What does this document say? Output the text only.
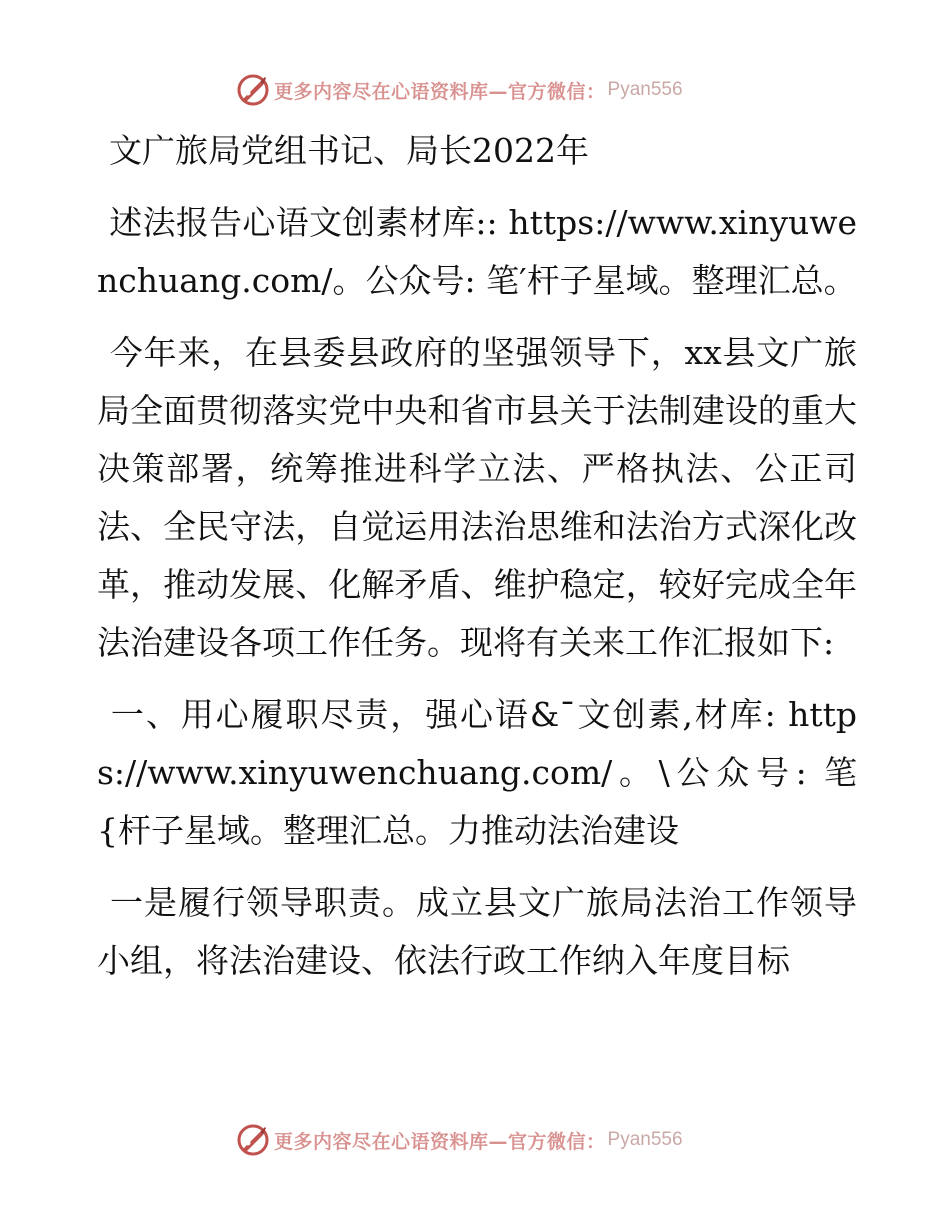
更多内容尽在心语资料库—官方微信： Pyan556

文广旅局党组书记、局长2022年

述法报告心语文创素材库:: https://www.xinyuwenchuang.com/。公众号: 笔′杆子星域。整理汇总。

今年来，在县委县政府的坚强领导下，xx县文广旅局全面贯彻落实党中央和省市县关于法制建设的重大决策部署，统筹推进科学立法、严格执法、公正司法、全民守法，自觉运用法治思维和法治方式深化改革，推动发展、化解矛盾、维护稳定，较好完成全年法治建设各项工作任务。现将有关来工作汇报如下:

一、用心履职尽责，强心语&¯文创素,材库: https://www.xinyuwenchuang.com/。\公众号: 笔{杆子星域。整理汇总。力推动法治建设

一是履行领导职责。成立县文广旅局法治工作领导小组，将法治建设、依法行政工作纳入年度目标

更多内容尽在心语资料库—官方微信： Pyan556
